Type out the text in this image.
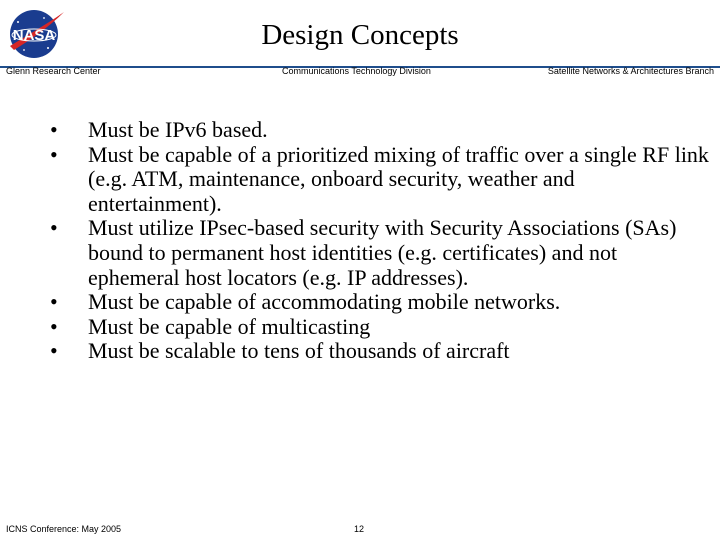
NASA	Design Concepts
Glenn Research Center	Communications Technology Division	Satellite Networks & Architectures Branch
• Must be IPv6 based.
• Must be capable of a prioritized mixing of traffic over a single RF link (e.g. ATM, maintenance, onboard security, weather and entertainment).
• Must utilize IPsec-based security with Security Associations (SAs) bound to permanent host identities (e.g. certificates) and not ephemeral host locators (e.g. IP addresses).
• Must be capable of accommodating mobile networks.
• Must be capable of multicasting
• Must be scalable to tens of thousands of aircraft
ICNS Conference: May 2005	12
